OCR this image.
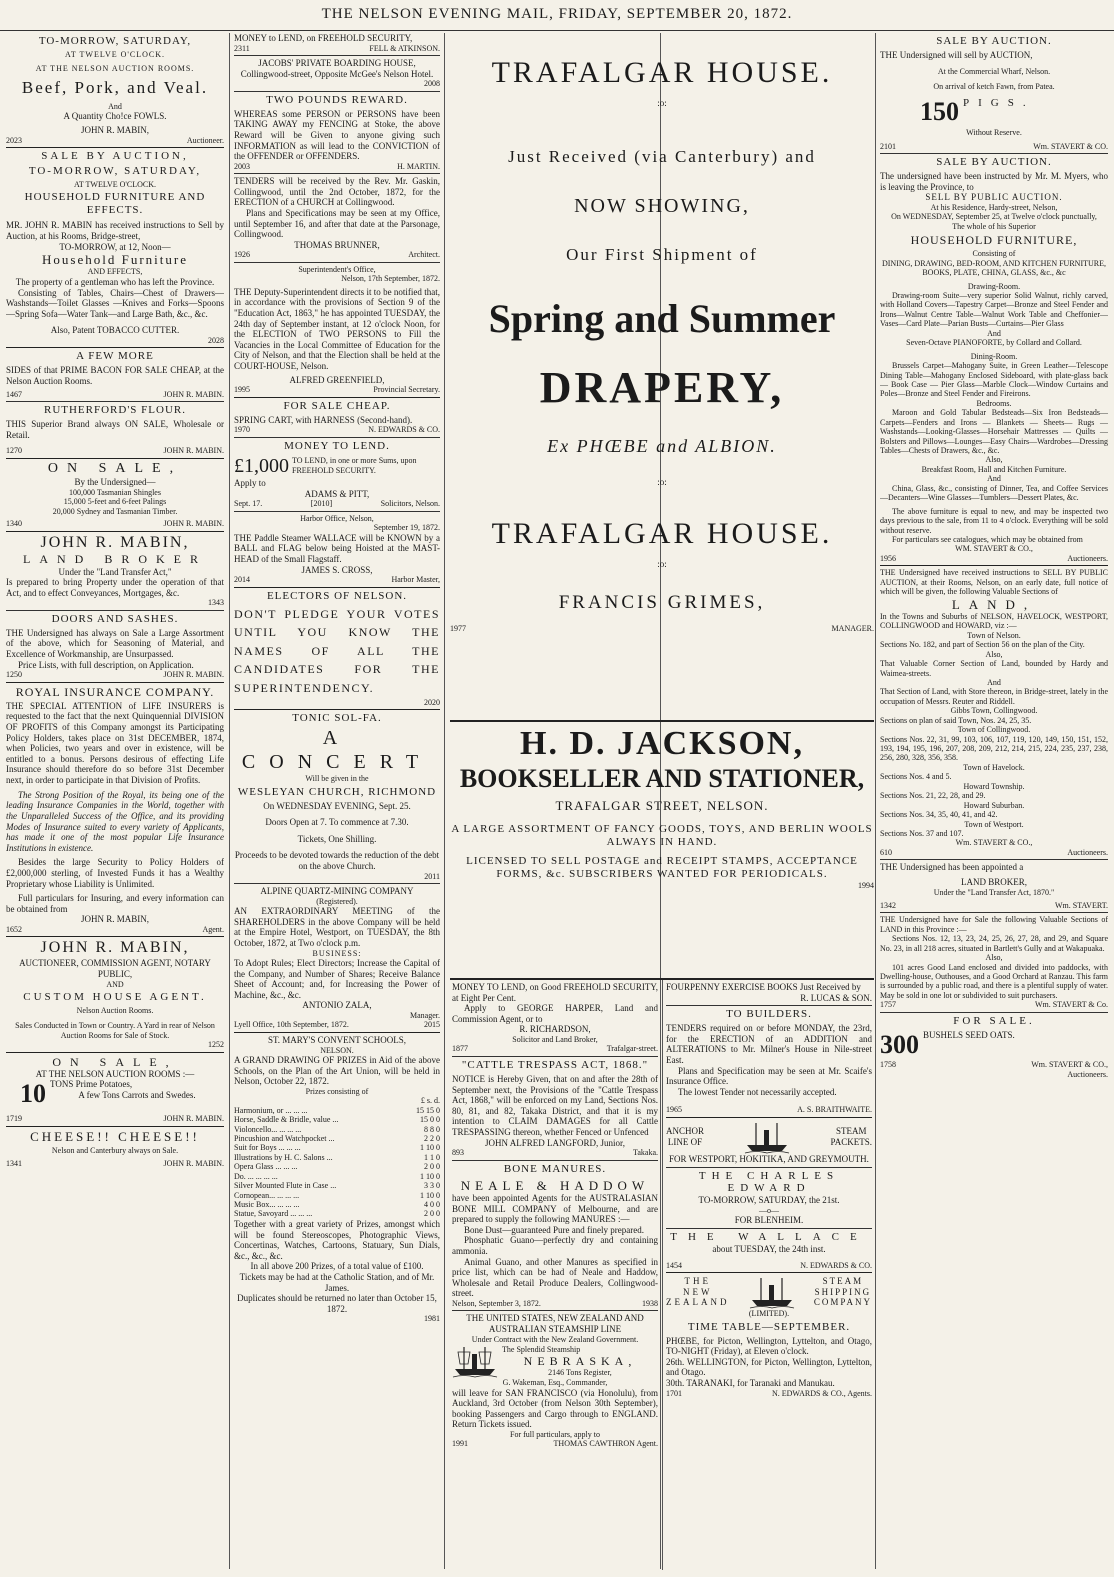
THE NELSON EVENING MAIL, FRIDAY, SEPTEMBER 20, 1872.
TO-MORROW, SATURDAY,
AT TWELVE O'CLOCK.
AT THE NELSON AUCTION ROOMS.
Beef, Pork, and Veal.
And
A Quantity Cho!ce FOWLS.
JOHN R. MABIN,
2023	Auctioneer.
SALE BY AUCTION,
TO-MORROW, SATURDAY,
AT TWELVE O'CLOCK.
HOUSEHOLD FURNITURE AND EFFECTS.
MR. JOHN R. MABIN has received instructions to Sell by Auction, at his Rooms, Bridge-street,
TO-MORROW, at 12, Noon—
Household Furniture
AND EFFECTS,
The property of a gentleman who has left the Province.
Consisting of Tables, Chairs—Chest of Drawers—Washstands—Toilet Glasses —Knives and Forks—Spoons—Spring Sofa—Water Tank—and Large Bath, &c., &c.
Also, Patent TOBACCO CUTTER.
2028
A FEW MORE
SIDES of that PRIME BACON FOR SALE CHEAP, at the Nelson Auction Rooms.
1467	JOHN R. MABIN.
RUTHERFORD'S FLOUR.
THIS Superior Brand always ON SALE, Wholesale or Retail.
1270	JOHN R. MABIN.
ON SALE,
By the Undersigned—
100,000 Tasmanian Shingles
15,000 5-feet and 6-feet Palings
20,000 Sydney and Tasmanian Timber.
1340	JOHN R. MABIN.
JOHN R. MABIN,
LAND BROKER
Under the "Land Transfer Act,"
Is prepared to bring Property under the operation of that Act, and to effect Conveyances, Mortgages, &c.
1343
DOORS AND SASHES.
THE Undersigned has always on Sale a Large Assortment of the above, which for Seasoning of Material, and Excellence of Workmanship, are Unsurpassed.
Price Lists, with full description, on Application.
1250	JOHN R. MABIN.
ROYAL INSURANCE COMPANY.
THE SPECIAL ATTENTION of LIFE INSURERS is requested to the fact that the next Quinquennial DIVISION OF PROFITS of this Company amongst its Participating Policy Holders, takes place on 31st DECEMBER, 1874, when Policies, two years and over in existence, will be entitled to a bonus. Persons desirous of effecting Life Insurance should therefore do so before 31st December next, in order to participate in that Division of Profits.
The Strong Position of the Royal, its being one of the leading Insurance Companies in the World, together with the Unparalleled Success of the Office, and its providing Modes of Insurance suited to every variety of Applicants, has made it one of the most popular Life Insurance Institutions in existence.
Besides the large Security to Policy Holders of £2,000,000 sterling, of Invested Funds it has a Wealthy Proprietary whose Liability is Unlimited.
Full particulars for Insuring, and every information can be obtained from
JOHN R. MABIN,
1652	Agent.
JOHN R. MABIN,
AUCTIONEER, COMMISSION AGENT, NOTARY PUBLIC,
AND
CUSTOM HOUSE AGENT.
Nelson Auction Rooms.
Sales Conducted in Town or Country. A Yard in rear of Nelson Auction Rooms for Sale of Stock.
1252
ON SALE,
AT THE NELSON AUCTION ROOMS :—
10 TONS Prime Potatoes,
A few Tons Carrots and Swedes.
1719	JOHN R. MABIN.
CHEESE!! CHEESE!!
Nelson and Canterbury always on Sale.
1341	JOHN R. MABIN.
MONEY to LEND, on FREEHOLD SECURITY,
2311	FELL & ATKINSON.
JACOBS' PRIVATE BOARDING HOUSE, Collingwood-street, Opposite McGee's Nelson Hotel.
2008
TWO POUNDS REWARD.
WHEREAS some PERSON or PERSONS have been TAKING AWAY my FENCING at Stoke, the above Reward will be Given to anyone giving such INFORMATION as will lead to the CONVICTION of the OFFENDER or OFFENDERS.
2003	H. MARTIN.
TENDERS will be received by the Rev. Mr. Gaskin, Collingwood, until the 2nd October, 1872, for the ERECTION of a CHURCH at Collingwood.
Plans and Specifications may be seen at my Office, until September 16, and after that date at the Parsonage, Collingwood.
THOMAS BRUNNER,
1926	Architect.
Superintendent's Office,
Nelson, 17th September, 1872.
THE Deputy-Superintendent directs it to be notified that, in accordance with the provisions of Section 9 of the "Education Act, 1863," he has appointed TUESDAY, the 24th day of September instant, at 12 o'clock Noon, for the ELECTION of TWO PERSONS to Fill the Vacancies in the Local Committee of Education for the City of Nelson, and that the Election shall be held at the COURT-HOUSE, Nelson.
ALFRED GREENFIELD,
1995	Provincial Secretary.
FOR SALE CHEAP.
SPRING CART, with HARNESS (Second-hand).
1970	N. EDWARDS & CO.
MONEY TO LEND.
£1,000 TO LEND, in one or more Sums, upon FREEHOLD SECURITY.
Apply to
ADAMS & PITT,
Sept. 17.	[2010]	Solicitors, Nelson.
Harbor Office, Nelson,
September 19, 1872.
THE Paddle Steamer WALLACE will be KNOWN by a BALL and FLAG below being Hoisted at the MAST-HEAD of the Small Flagstaff.
JAMES S. CROSS,
2014	Harbor Master,
ELECTORS OF NELSON.
DON'T PLEDGE YOUR VOTES UNTIL YOU KNOW THE NAMES OF ALL THE CANDIDATES FOR THE SUPERINTENDENCY.
2020
TONIC SOL-FA.
A CONCERT
Will be given in the
WESLEYAN CHURCH, RICHMOND
On WEDNESDAY EVENING, Sept. 25.
Doors Open at 7. To commence at 7.30.
Tickets, One Shilling.
Proceeds to be devoted towards the reduction of the debt on the above Church.
2011
ALPINE QUARTZ-MINING COMPANY
(Registered).
AN EXTRAORDINARY MEETING of the SHAREHOLDERS in the above Company will be held at the Empire Hotel, Westport, on TUESDAY, the 8th October, 1872, at Two o'clock p.m.
BUSINESS:
To Adopt Rules; Elect Directors; Increase the Capital of the Company, and Number of Shares; Receive Balance Sheet of Account; and, for Increasing the Power of Machine, &c., &c.
ANTONIO ZALA,
Manager.
Lyell Office, 10th September, 1872.	2015
ST. MARY'S CONVENT SCHOOLS,
NELSON.
A GRAND DRAWING OF PRIZES in Aid of the above Schools, on the Plan of the Art Union, will be held in Nelson, October 22, 1872.
Prizes consisting of
£ s. d.
Harmonium, or ... ... ...	15 15 0
Horse, Saddle & Bridle, value ...	15 0 0
Violoncello... ... ... ...	8 8 0
Pincushion and Watchpocket ...	2 2 0
Suit for Boys ... ... ...	1 10 0
Illustrations by H. C. Salons ...	1 1 0
Opera Glass ... ... ...	2 0 0
Do. ... ... ... ...	1 10 0
Silver Mounted Flute in Case ...	3 3 0
Cornopean... ... ... ...	1 10 0
Music Box... ... ... ...	4 0 0
Statue, Savoyard ... ... ...	2 0 0
Together with a great variety of Prizes, amongst which will be found Stereoscopes, Photographic Views, Concertinas, Watches, Cartoons, Statuary, Sun Dials, &c., &c., &c.
In all above 200 Prizes, of a total value of £100.
Tickets may be had at the Catholic Station, and of Mr. James.
Duplicates should be returned no later than October 15, 1872.
1981
TRAFALGAR HOUSE.
:o:
Just Received (via Canterbury) and
NOW SHOWING,
Our First Shipment of
Spring and Summer
DRAPERY,
Ex PHŒBE and ALBION.
:o:
TRAFALGAR HOUSE.
:o:
FRANCIS GRIMES,
1977	MANAGER.
H. D. JACKSON,
BOOKSELLER AND STATIONER,
TRAFALGAR STREET, NELSON.
A LARGE ASSORTMENT OF FANCY GOODS, TOYS, AND BERLIN WOOLS ALWAYS IN HAND.
LICENSED TO SELL POSTAGE and RECEIPT STAMPS, ACCEPTANCE FORMS, &c. SUBSCRIBERS WANTED FOR PERIODICALS.
1994
MONEY TO LEND, on Good FREEHOLD SECURITY, at Eight Per Cent.
Apply to GEORGE HARPER, Land and Commission Agent, or to
R. RICHARDSON,
Solicitor and Land Broker,
1877	Trafalgar-street.
"CATTLE TRESPASS ACT, 1868."
NOTICE is Hereby Given, that on and after the 28th of September next, the Provisions of the "Cattle Trespass Act, 1868," will be enforced on my Land, Sections Nos. 80, 81, and 82, Takaka District, and that it is my intention to CLAIM DAMAGES for all Cattle TRESPASSING thereon, whether Fenced or Unfenced
JOHN ALFRED LANGFORD, Junior,
893	Takaka.
BONE MANURES.
NEALE & HADDOW
have been appointed Agents for the AUSTRALASIAN BONE MILL COMPANY of Melbourne, and are prepared to supply the following MANURES :—
Bone Dust—guaranteed Pure and finely prepared.
Phosphatic Guano—perfectly dry and containing ammonia.
Animal Guano, and other Manures as specified in price list, which can be had of Neale and Haddow, Wholesale and Retail Produce Dealers, Collingwood-street.
Nelson, September 3, 1872.	1938
THE UNITED STATES, NEW ZEALAND AND AUSTRALIAN STEAMSHIP LINE
Under Contract with the New Zealand Government.
The Splendid Steamship
NEBRASKA,
2146 Tons Register,
G. Wakeman, Esq., Commander,
will leave for SAN FRANCISCO (via Honolulu), from Auckland, 3rd October (from Nelson 30th September), booking Passengers and Cargo through to ENGLAND. Return Tickets issued.
For full particulars, apply to
1991	THOMAS CAWTHRON Agent.
FOURPENNY EXERCISE BOOKS Just Received by
R. LUCAS & SON.
TO BUILDERS.
TENDERS required on or before MONDAY, the 23rd, for the ERECTION of an ADDITION and ALTERATIONS to Mr. Milner's House in Nile-street East.
Plans and Specification may be seen at Mr. Scaife's Insurance Office.
The lowest Tender not necessarily accepted.
1965	A. S. BRAITHWAITE.
ANCHOR
LINE OF
STEAM
PACKETS.
FOR WESTPORT, HOKITIKA, AND GREYMOUTH.
THE CHARLES EDWARD
TO-MORROW, SATURDAY, the 21st.
—o—
FOR BLENHEIM.
THE WALLACE
about TUESDAY, the 24th inst.
1454	N. EDWARDS & CO.
THE
NEW
ZEALAND
STEAM
SHIPPING
COMPANY
(LIMITED).
TIME TABLE—SEPTEMBER.
PHŒBE, for Picton, Wellington, Lyttelton, and Otago, TO-NIGHT (Friday), at Eleven o'clock.
26th. WELLINGTON, for Picton, Wellington, Lyttelton, and Otago.
30th. TARANAKI, for Taranaki and Manukau.
1701	N. EDWARDS & CO., Agents.
SALE BY AUCTION.
THE Undersigned will sell by AUCTION,
At the Commercial Wharf, Nelson.
On arrival of ketch Fawn, from Patea.
150 PIGS.
Without Reserve.
2101	Wm. STAVERT & CO.
SALE BY AUCTION.
The undersigned have been instructed by Mr. M. Myers, who is leaving the Province, to
SELL BY PUBLIC AUCTION.
At his Residence, Hardy-street, Nelson,
On WEDNESDAY, September 25, at Twelve o'clock punctually,
The whole of his Superior
HOUSEHOLD FURNITURE,
Consisting of
DINING, DRAWING, BED-ROOM, AND KITCHEN FURNITURE,
BOOKS, PLATE, CHINA, GLASS, &c., &c
Drawing-Room.
Drawing-room Suite—very superior Solid Walnut, richly carved, with Holland Covers—Tapestry Carpet—Bronze and Steel Fender and Irons—Walnut Centre Table—Walnut Work Table and Cheffonier—Vases—Card Plate—Parian Busts—Curtains—Pier Glass
And
Seven-Octave PIANOFORTE, by Collard and Collard.
Dining-Room.
Brussels Carpet—Mahogany Suite, in Green Leather—Telescope Dining Table—Mahogany Enclosed Sideboard, with plate-glass back — Book Case — Pier Glass—Marble Clock—Window Curtains and Poles—Bronze and Steel Fender and Fireirons.
Bedrooms.
Maroon and Gold Tabular Bedsteads—Six Iron Bedsteads—Carpets—Fenders and Irons — Blankets — Sheets— Rugs — Washstands—Looking-Glasses—Horsehair Mattresses — Quilts — Bolsters and Pillows—Lounges—Easy Chairs—Wardrobes—Dressing Tables—Chests of Drawers, &c., &c.
Also,
Breakfast Room, Hall and Kitchen Furniture.
And
China, Glass, &c., consisting of Dinner, Tea, and Coffee Services—Decanters—Wine Glasses—Tumblers—Dessert Plates, &c.
The above furniture is equal to new, and may be inspected two days previous to the sale, from 11 to 4 o'clock. Everything will be sold without reserve.
For particulars see catalogues, which may be obtained from
WM. STAVERT & CO.,
1956	Auctioneers.
THE Undersigned have received instructions to SELL BY PUBLIC AUCTION, at their Rooms, Nelson, on an early date, full notice of which will be given, the following Valuable Sections of
LAND,
In the Towns and Suburbs of NELSON, HAVELOCK, WESTPORT, COLLINGWOOD and HOWARD, viz :—
Town of Nelson.
Sections No. 182, and part of Section 56 on the plan of the City.
Also,
That Valuable Corner Section of Land, bounded by Hardy and Waimea-streets.
And
That Section of Land, with Store thereon, in Bridge-street, lately in the occupation of Messrs. Reuter and Riddell.
Gibbs Town, Collingwood.
Sections on plan of said Town, Nos. 24, 25, 35.
Town of Collingwood.
Sections Nos. 22, 31, 99, 103, 106, 107, 119, 120, 149, 150, 151, 152, 193, 194, 195, 196, 207, 208, 209, 212, 214, 215, 224, 235, 237, 238, 256, 280, 328, 356, 358.
Town of Havelock.
Sections Nos. 4 and 5.
Howard Township.
Sections Nos. 21, 22, 28, and 29.
Howard Suburban.
Sections Nos. 34, 35, 40, 41, and 42.
Town of Westport.
Sections Nos. 37 and 107.
Wm. STAVERT & CO.,
610	Auctioneers.
THE Undersigned has been appointed a
LAND BROKER,
Under the "Land Transfer Act, 1870."
1342	Wm. STAVERT.
THE Undersigned have for Sale the following Valuable Sections of LAND in this Province :—
Sections Nos. 12, 13, 23, 24, 25, 26, 27, 28, and 29, and Square No. 23, in all 218 acres, situated in Bartlett's Gully and at Wakapuaka.
Also,
101 acres Good Land enclosed and divided into paddocks, with Dwelling-house, Outhouses, and a Good Orchard at Ranzau. This farm is surrounded by a public road, and there is a plentiful supply of water. May be sold in one lot or subdivided to suit purchasers.
1757	Wm. STAVERT & Co.
FOR SALE.
300 BUSHELS SEED OATS.
1758	Wm. STAVERT & CO.,
Auctioneers.
